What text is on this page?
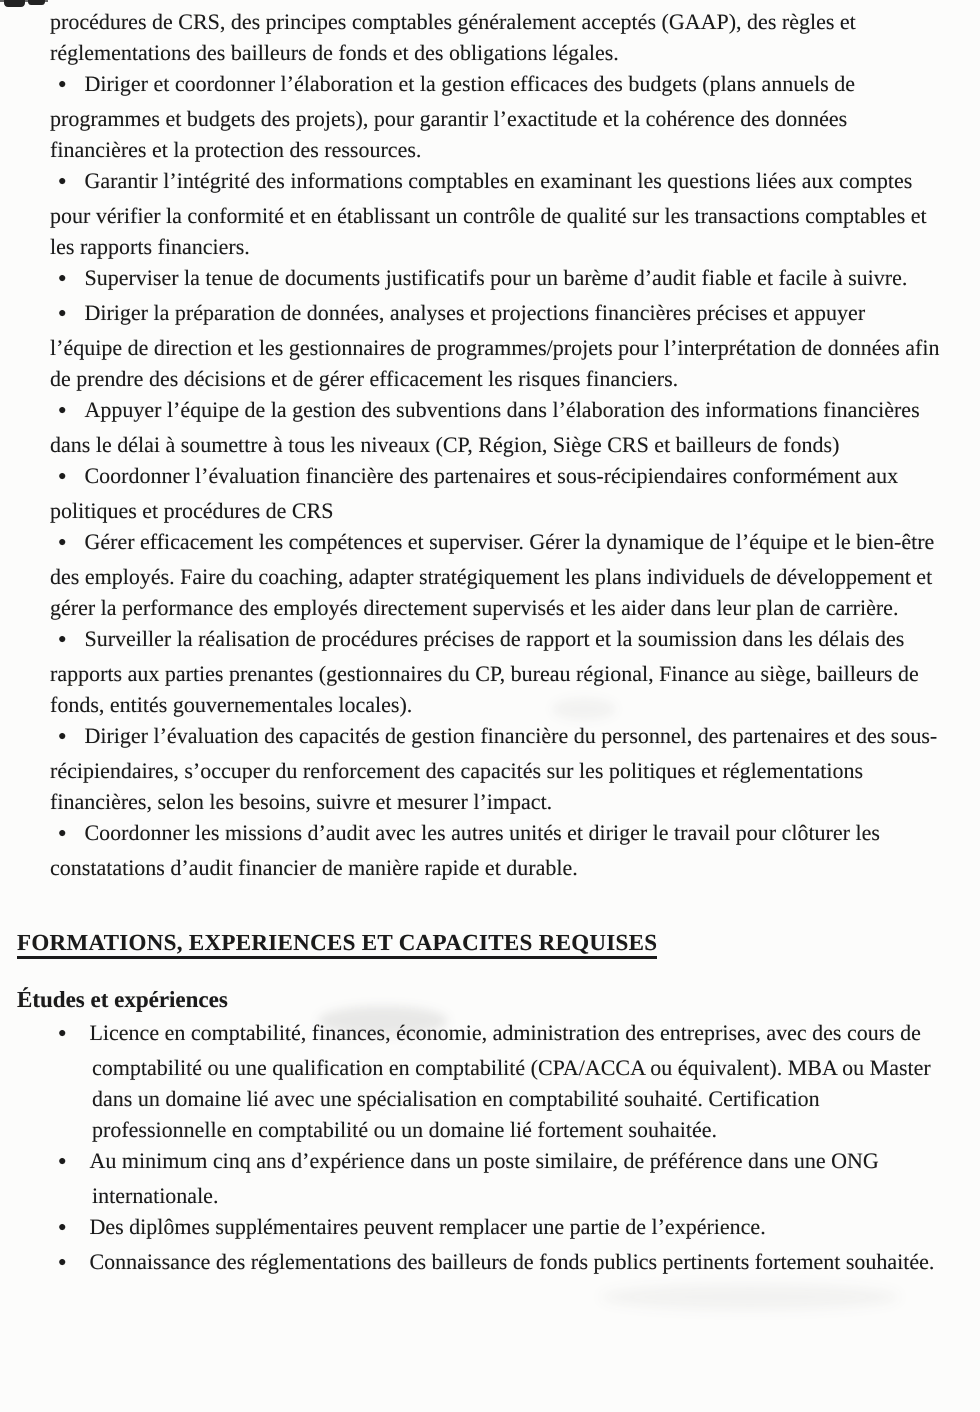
procédures de CRS, des principes comptables généralement acceptés (GAAP), des règles et réglementations des bailleurs de fonds et des obligations légales.

● Diriger et coordonner l’élaboration et la gestion efficaces des budgets (plans annuels de programmes et budgets des projets), pour garantir l’exactitude et la cohérence des données financières et la protection des ressources.

● Garantir l’intégrité des informations comptables en examinant les questions liées aux comptes pour vérifier la conformité et en établissant un contrôle de qualité sur les transactions comptables et les rapports financiers.

● Superviser la tenue de documents justificatifs pour un barème d’audit fiable et facile à suivre.

● Diriger la préparation de données, analyses et projections financières précises et appuyer l’équipe de direction et les gestionnaires de programmes/projets pour l’interprétation de données afin de prendre des décisions et de gérer efficacement les risques financiers.

● Appuyer l’équipe de la gestion des subventions dans l’élaboration des informations financières dans le délai à soumettre à tous les niveaux (CP, Région, Siège CRS et bailleurs de fonds)

● Coordonner l’évaluation financière des partenaires et sous-récipiendaires conformément aux politiques et procédures de CRS

● Gérer efficacement les compétences et superviser. Gérer la dynamique de l’équipe et le bien-être des employés. Faire du coaching, adapter stratégiquement les plans individuels de développement et gérer la performance des employés directement supervisés et les aider dans leur plan de carrière.

● Surveiller la réalisation de procédures précises de rapport et la soumission dans les délais des rapports aux parties prenantes (gestionnaires du CP, bureau régional, Finance au siège, bailleurs de fonds, entités gouvernementales locales).

● Diriger l’évaluation des capacités de gestion financière du personnel, des partenaires et des sous-récipiendaires, s’occuper du renforcement des capacités sur les politiques et réglementations financières, selon les besoins, suivre et mesurer l’impact.

● Coordonner les missions d’audit avec les autres unités et diriger le travail pour clôturer les constatations d’audit financier de manière rapide et durable.

FORMATIONS, EXPERIENCES ET CAPACITES REQUISES
Études et expériences

● Licence en comptabilité, finances, économie, administration des entreprises, avec des cours de comptabilité ou une qualification en comptabilité (CPA/ACCA ou équivalent). MBA ou Master dans un domaine lié avec une spécialisation en comptabilité souhaité. Certification professionnelle en comptabilité ou un domaine lié fortement souhaitée.

● Au minimum cinq ans d’expérience dans un poste similaire, de préférence dans une ONG internationale.

● Des diplômes supplémentaires peuvent remplacer une partie de l’expérience.

● Connaissance des réglementations des bailleurs de fonds publics pertinents fortement souhaitée.
